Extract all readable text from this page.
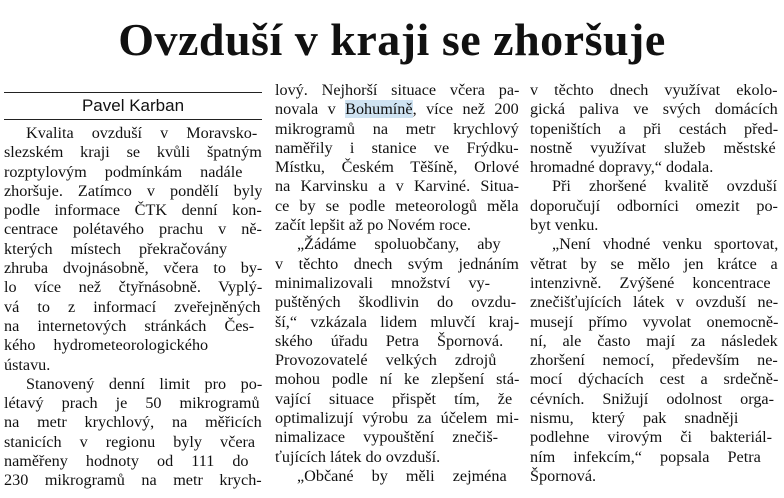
Ovzduší v kraji se zhoršuje
Pavel Karban
Kvalita ovzduší v Moravsko-
slezském kraji se kvůli špatným
rozptylovým podmínkám nadále
zhoršuje. Zatímco v pondělí byly
podle informace ČTK denní kon-
centrace polétavého prachu v ně-
kterých místech překračovány
zhruba dvojnásobně, včera to by-
lo více než čtyřnásobně. Vyplý-
vá to z informací zveřejněných
na internetových stránkách Čes-
kého hydrometeorologického
ústavu.
Stanovený denní limit pro po-
létavý prach je 50 mikrogramů
na metr krychlový, na měřicích
stanicích v regionu byly včera
naměřeny hodnoty od 111 do
230 mikrogramů na metr krych-
lový. Nejhorší situace včera pa-
novala v Bohumíně, více než 200
mikrogramů na metr krychlový
naměřily i stanice ve Frýdku-
Místku, Českém Těšíně, Orlové
na Karvinsku a v Karviné. Situa-
ce by se podle meteorologů měla
začít lepšit až po Novém roce.
„Žádáme spoluobčany, aby
v těchto dnech svým jednáním
minimalizovali množství vy-
puštěných škodlivin do ovzdu-
ší,“ vzkázala lidem mluvčí kraj-
ského úřadu Petra Špornová.
Provozovatelé velkých zdrojů
mohou podle ní ke zlepšení stá-
vající situace přispět tím, že
optimalizují výrobu za účelem mi-
nimalizace vypouštění znečiš-
ťujících látek do ovzduší.
„Občané by měli zejména
v těchto dnech využívat ekolo-
gická paliva ve svých domácích
topeništích a při cestách před-
nostně využívat služeb městské
hromadné dopravy,“ dodala.
Při zhoršené kvalitě ovzduší
doporučují odborníci omezit po-
byt venku.
„Není vhodné venku sportovat,
větrat by se mělo jen krátce a
intenzivně. Zvýšené koncentrace
znečišťujících látek v ovzduší ne-
musejí přímo vyvolat onemocně-
ní, ale často mají za následek
zhoršení nemocí, především ne-
mocí dýchacích cest a srdečně-
cévních. Snižují odolnost orga-
nismu, který pak snadněji
podlehne virovým či bakteriál-
ním infekcím,“ popsala Petra
Špornová.
